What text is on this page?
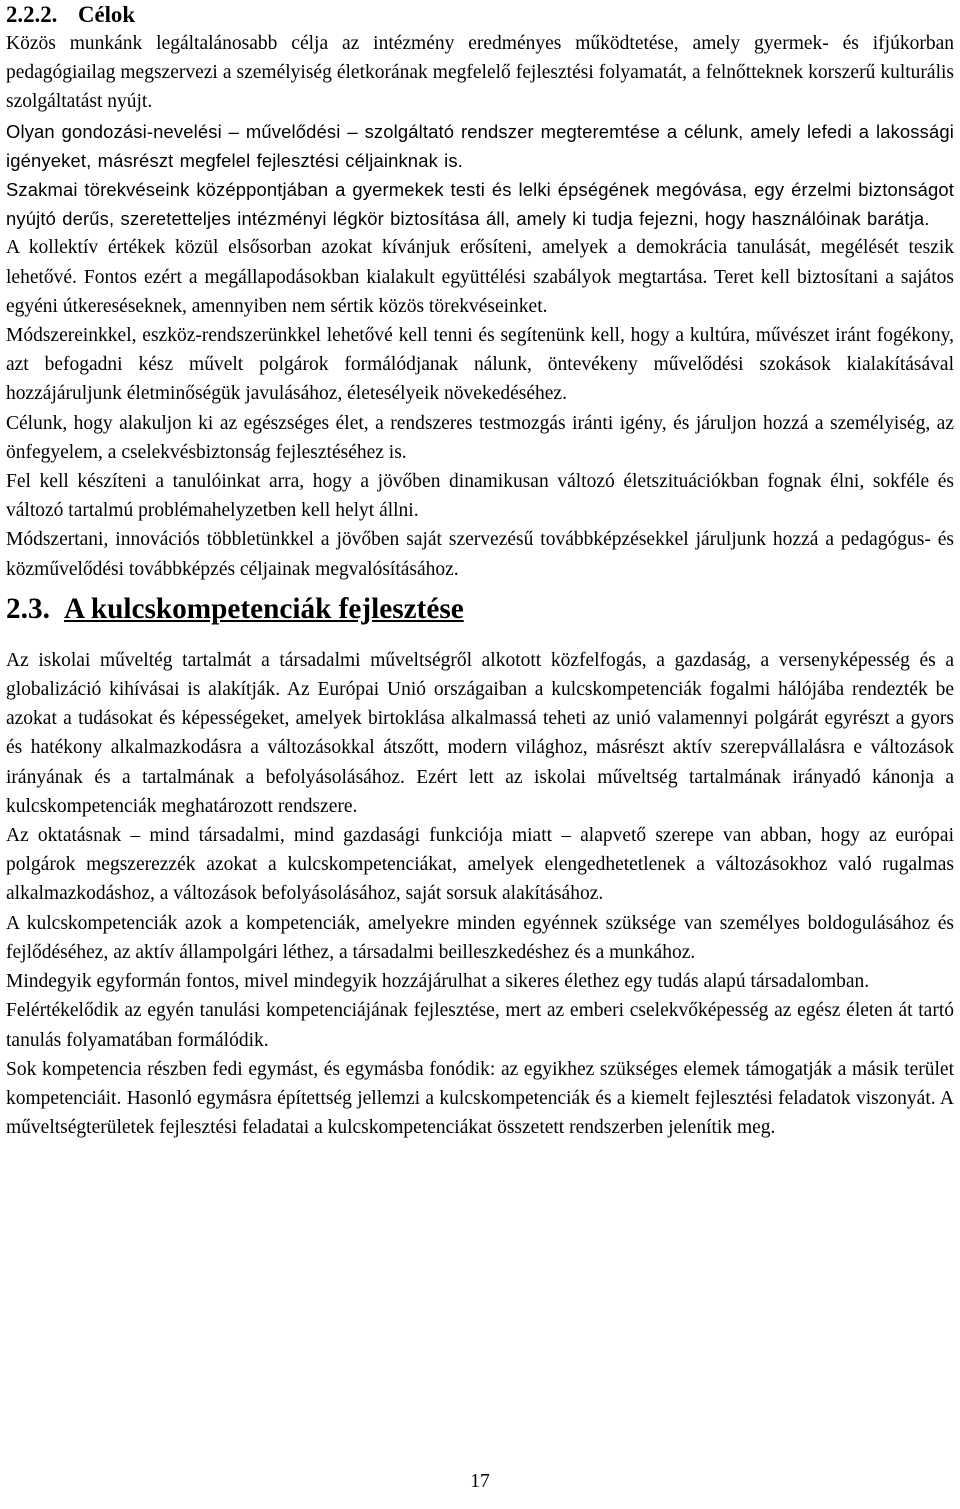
2.2.2. Célok

Közös munkánk legáltalánosabb célja az intézmény eredményes működtetése, amely gyermek- és ifjúkorban pedagógiailag megszervezi a személyiség életkorának megfelelő fejlesztési folyamatát, a felnőtteknek korszerű kulturális szolgáltatást nyújt.

Olyan gondozási-nevelési – művelődési – szolgáltató rendszer megteremtése a célunk, amely lefedi a lakossági igényeket, másrészt megfelel fejlesztési céljainknak is.

Szakmai törekvéseink középpontjában a gyermekek testi és lelki épségének megóvása, egy érzelmi biztonságot nyújtó derűs, szeretetteljes intézményi légkör biztosítása áll, amely ki tudja fejezni, hogy használóinak barátja.

A kollektív értékek közül elsősorban azokat kívánjuk erősíteni, amelyek a demokrácia tanulását, megélését teszik lehetővé. Fontos ezért a megállapodásokban kialakult együttélési szabályok megtartása. Teret kell biztosítani a sajátos egyéni útkereséseknek, amennyiben nem sértik közös törekvéseinket.

Módszereinkkel, eszköz-rendszerünkkel lehetővé kell tenni és segítenünk kell, hogy a kultúra, művészet iránt fogékony, azt befogadni kész művelt polgárok formálódjanak nálunk, öntevékeny művelődési szokások kialakításával hozzájáruljunk életminőségük javulásához, életesélyeik növekedéséhez.

Célunk, hogy alakuljon ki az egészséges élet, a rendszeres testmozgás iránti igény, és járuljon hozzá a személyiség, az önfegyelem, a cselekvésbiztonság fejlesztéséhez is.

Fel kell készíteni a tanulóinkat arra, hogy a jövőben dinamikusan változó életszituációkban fognak élni, sokféle és változó tartalmú problémahelyzetben kell helyt állni.

Módszertani, innovációs többletünkkel a jövőben saját szervezésű továbbképzésekkel járuljunk hozzá a pedagógus- és közművelődési továbbképzés céljainak megvalósításához.

2.3. A kulcskompetenciák fejlesztése

Az iskolai műveltég tartalmát a társadalmi műveltségről alkotott közfelfogás, a gazdaság, a versenyképesség és a globalizáció kihívásai is alakítják. Az Európai Unió országaiban a kulcskompetenciák fogalmi hálójába rendezték be azokat a tudásokat és képességeket, amelyek birtoklása alkalmassá teheti az unió valamennyi polgárát egyrészt a gyors és hatékony alkalmazkodásra a változásokkal átszőtt, modern világhoz, másrészt aktív szerepvállalásra e változások irányának és a tartalmának a befolyásolásához. Ezért lett az iskolai műveltség tartalmának irányadó kánonja a kulcskompetenciák meghatározott rendszere.

Az oktatásnak – mind társadalmi, mind gazdasági funkciója miatt – alapvető szerepe van abban, hogy az európai polgárok megszerezzék azokat a kulcskompetenciákat, amelyek elengedhetetlenek a változásokhoz való rugalmas alkalmazkodáshoz, a változások befolyásolásához, saját sorsuk alakításához.

A kulcskompetenciák azok a kompetenciák, amelyekre minden egyénnek szüksége van személyes boldogulásához és fejlődéséhez, az aktív állampolgári léthez, a társadalmi beilleszkedéshez és a munkához.

Mindegyik egyformán fontos, mivel mindegyik hozzájárulhat a sikeres élethez egy tudás alapú társadalomban.

Felértékelődik az egyén tanulási kompetenciájának fejlesztése, mert az emberi cselekvőképesség az egész életen át tartó tanulás folyamatában formálódik.

Sok kompetencia részben fedi egymást, és egymásba fonódik: az egyikhez szükséges elemek támogatják a másik terület kompetenciáit. Hasonló egymásra építettség jellemzi a kulcskompetenciák és a kiemelt fejlesztési feladatok viszonyát. A műveltségterületek fejlesztési feladatai a kulcskompetenciákat összetett rendszerben jelenítik meg.

17
